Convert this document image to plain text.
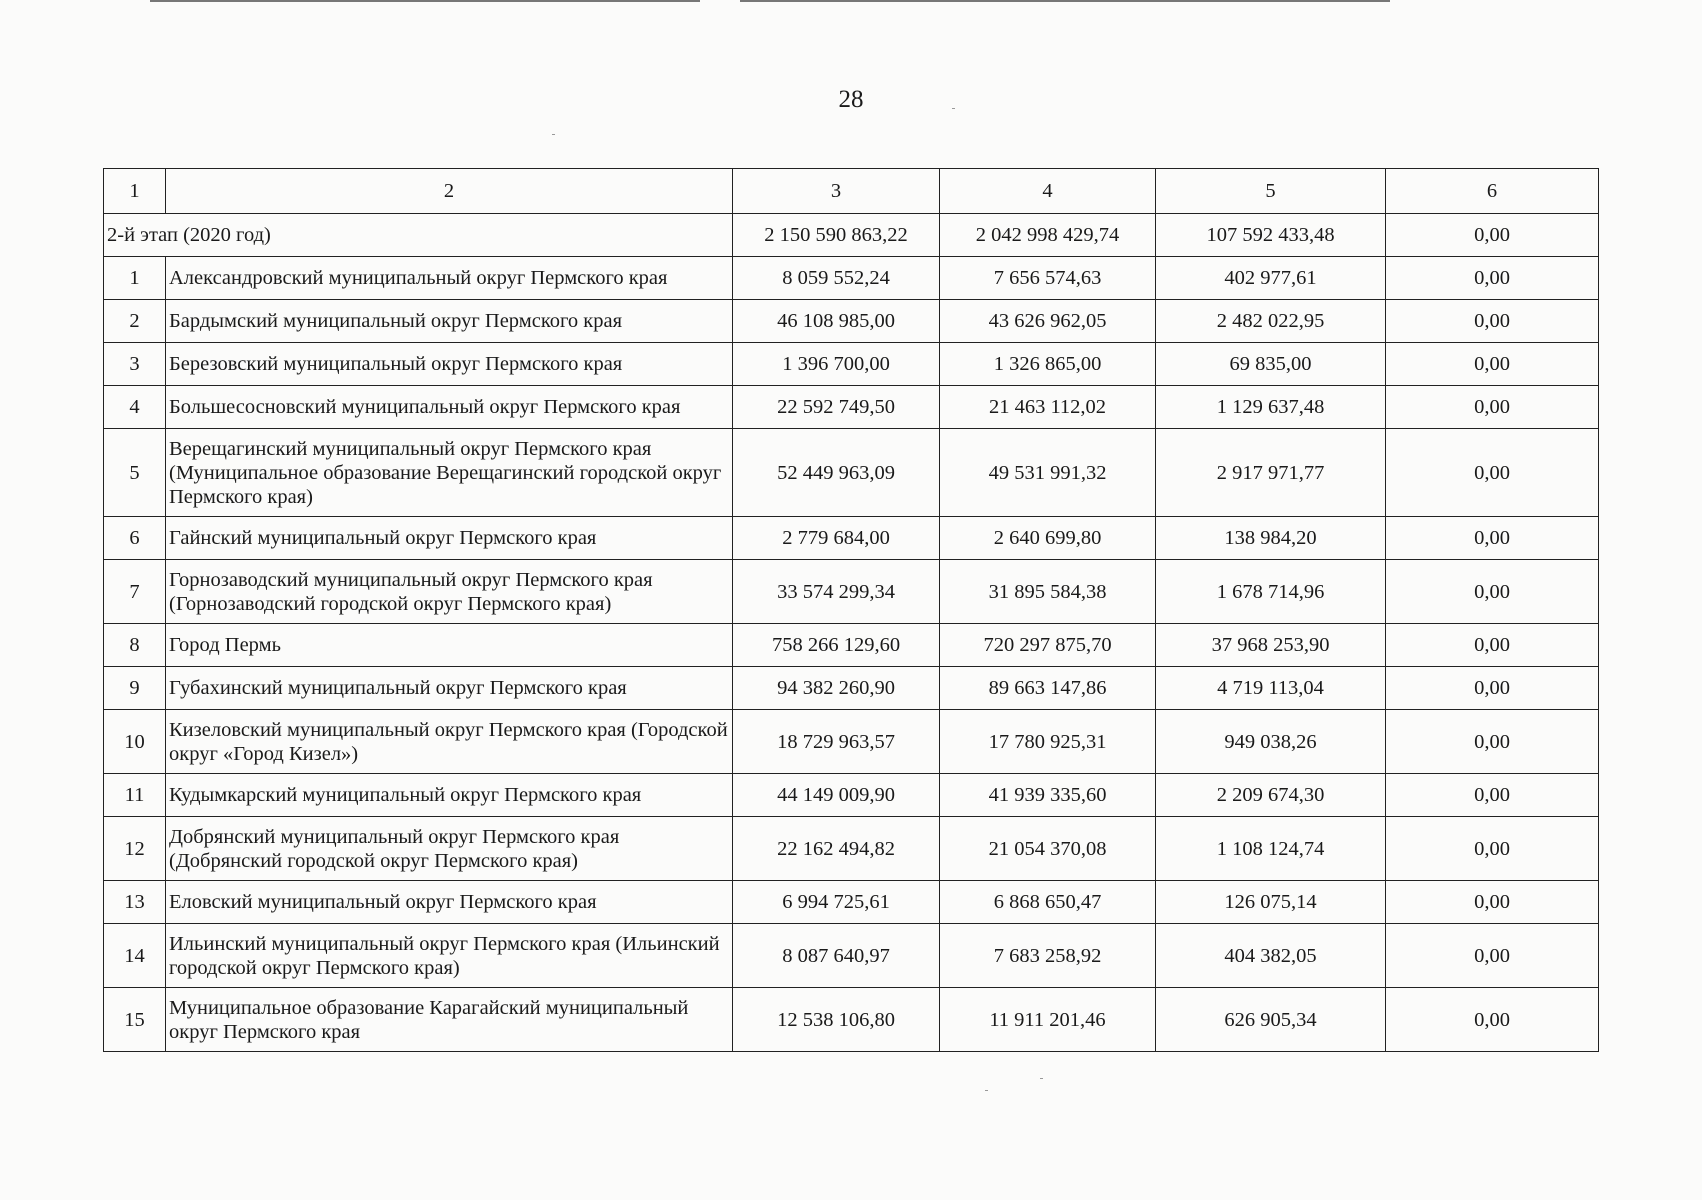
28
1	2	3	4	5	6
2-й этап (2020 год)		2 150 590 863,22	2 042 998 429,74	107 592 433,48	0,00
1	Александровский муниципальный округ Пермского края	8 059 552,24	7 656 574,63	402 977,61	0,00
2	Бардымский муниципальный округ Пермского края	46 108 985,00	43 626 962,05	2 482 022,95	0,00
3	Березовский муниципальный округ Пермского края	1 396 700,00	1 326 865,00	69 835,00	0,00
4	Большесосновский муниципальный округ Пермского края	22 592 749,50	21 463 112,02	1 129 637,48	0,00
5	Верещагинский муниципальный округ Пермского края (Муниципальное образование Верещагинский городской округ Пермского края)	52 449 963,09	49 531 991,32	2 917 971,77	0,00
6	Гайнский муниципальный округ Пермского края	2 779 684,00	2 640 699,80	138 984,20	0,00
7	Горнозаводский муниципальный округ Пермского края (Горнозаводский городской округ Пермского края)	33 574 299,34	31 895 584,38	1 678 714,96	0,00
8	Город Пермь	758 266 129,60	720 297 875,70	37 968 253,90	0,00
9	Губахинский муниципальный округ Пермского края	94 382 260,90	89 663 147,86	4 719 113,04	0,00
10	Кизеловский муниципальный округ Пермского края (Городской округ «Город Кизел»)	18 729 963,57	17 780 925,31	949 038,26	0,00
11	Кудымкарский муниципальный округ Пермского края	44 149 009,90	41 939 335,60	2 209 674,30	0,00
12	Добрянский муниципальный округ Пермского края (Добрянский городской округ Пермского края)	22 162 494,82	21 054 370,08	1 108 124,74	0,00
13	Еловский муниципальный округ Пермского края	6 994 725,61	6 868 650,47	126 075,14	0,00
14	Ильинский муниципальный округ Пермского края (Ильинский городской округ Пермского края)	8 087 640,97	7 683 258,92	404 382,05	0,00
15	Муниципальное образование Карагайский муниципальный округ Пермского края	12 538 106,80	11 911 201,46	626 905,34	0,00
